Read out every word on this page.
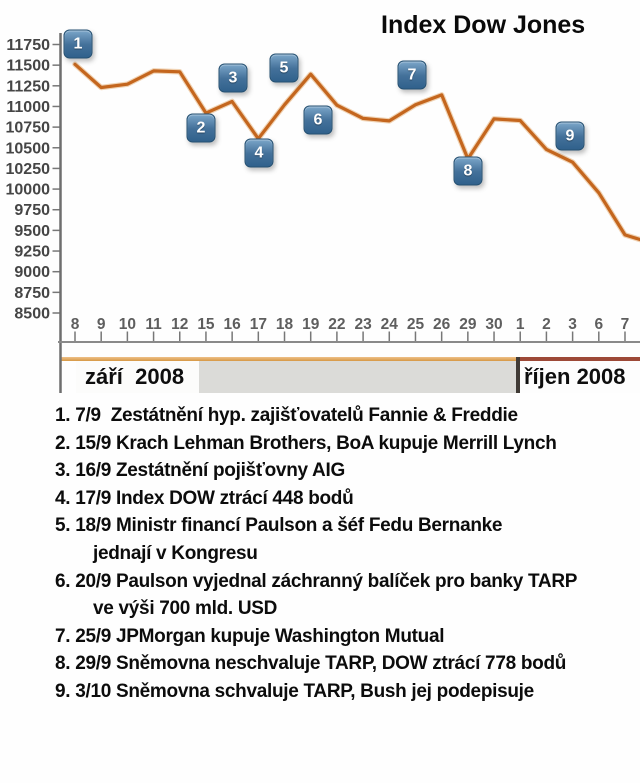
Index Dow Jones
11750
11500
11250
11000
10750
10500
10250
10000
9750
9500
9250
9000
8750
8500
8 9 10 11 12 15 16 17 18 19 22 23 24 25 26 29 30 1 2 3 6 7
1
2
3
4
5
6
7
8
9
září  2008	říjen 2008
1. 7/9  Zestátnění hyp. zajišťovatelů Fannie & Freddie
2. 15/9 Krach Lehman Brothers, BoA kupuje Merrill Lynch
3. 16/9 Zestátnění pojišťovny AIG
4. 17/9 Index DOW ztrácí 448 bodů
5. 18/9 Ministr financí Paulson a šéf Fedu Bernanke
jednají v Kongresu
6. 20/9 Paulson vyjednal záchranný balíček pro banky TARP
ve výši 700 mld. USD
7. 25/9 JPMorgan kupuje Washington Mutual
8. 29/9 Sněmovna neschvaluje TARP, DOW ztrácí 778 bodů
9. 3/10 Sněmovna schvaluje TARP, Bush jej podepisuje
